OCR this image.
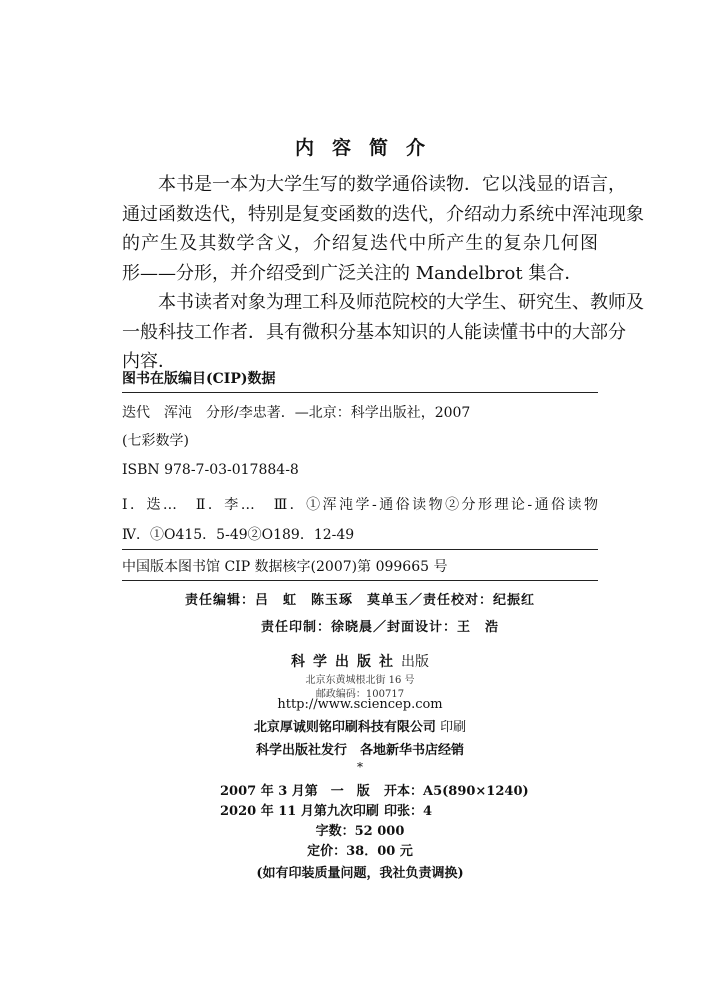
内容简介
本书是一本为大学生写的数学通俗读物．它以浅显的语言，
通过函数迭代，特别是复变函数的迭代，介绍动力系统中浑沌现象
的产生及其数学含义，介绍复迭代中所产生的复杂几何图
形——分形，并介绍受到广泛关注的 Mandelbrot 集合．
本书读者对象为理工科及师范院校的大学生、研究生、教师及
一般科技工作者．具有微积分基本知识的人能读懂书中的大部分
内容．
图书在版编目(CIP)数据
迭代　浑沌　分形/李忠著．—北京：科学出版社，2007
(七彩数学)
ISBN 978-7-03-017884-8
Ⅰ．迭…　Ⅱ．李…　Ⅲ．①浑沌学-通俗读物②分形理论-通俗读物
Ⅳ．①O415．5-49②O189．12-49
中国版本图书馆 CIP 数据核字(2007)第 099665 号
责任编辑：吕　虹　陈玉琢　莫单玉／责任校对：纪振红
责任印制：徐晓晨／封面设计：王　浩
科学出版社出版
北京东黄城根北街 16 号
邮政编码：100717
http://www.sciencep.com
北京厚诚则铭印刷科技有限公司 印刷
科学出版社发行　各地新华书店经销
*
2007 年 3 月第　一　版 开本：A5(890×1240)
2020 年 11 月第九次印刷 印张：4
字数：52 000
定价：38．00 元
(如有印装质量问题，我社负责调换)
